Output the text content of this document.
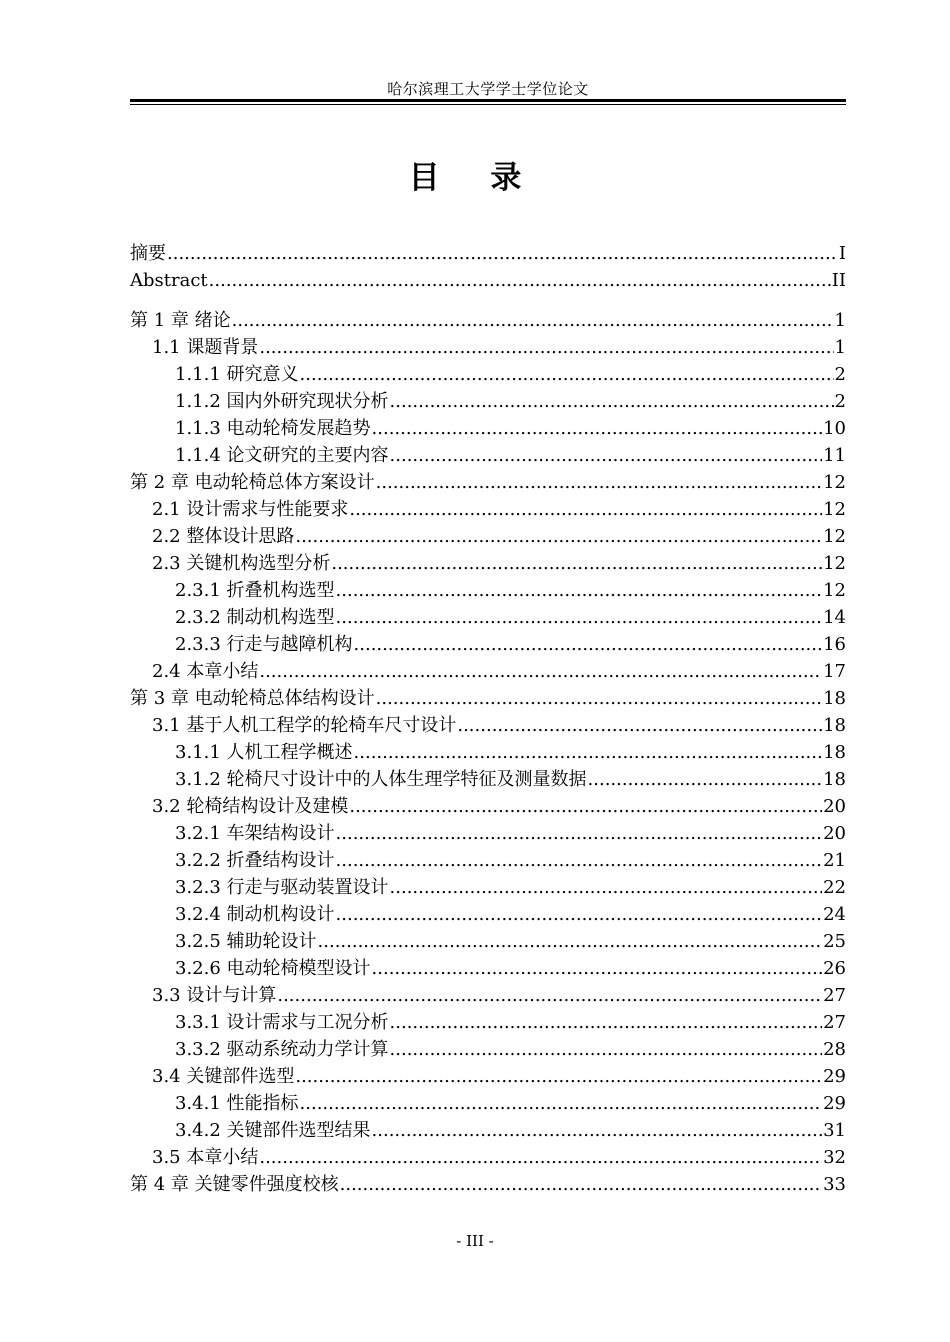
哈尔滨理工大学学士学位论文
目 录
摘要 .....	I
Abstract .....	II
第 1 章 绪论 .....	1
1.1 课题背景 .....	1
1.1.1 研究意义 .....	2
1.1.2 国内外研究现状分析 .....	2
1.1.3 电动轮椅发展趋势 .....	10
1.1.4 论文研究的主要内容 .....	11
第 2 章 电动轮椅总体方案设计 .....	12
2.1 设计需求与性能要求 .....	12
2.2 整体设计思路 .....	12
2.3 关键机构选型分析 .....	12
2.3.1 折叠机构选型 .....	12
2.3.2 制动机构选型 .....	14
2.3.3 行走与越障机构 .....	16
2.4 本章小结 .....	17
第 3 章 电动轮椅总体结构设计 .....	18
3.1 基于人机工程学的轮椅车尺寸设计 .....	18
3.1.1 人机工程学概述 .....	18
3.1.2 轮椅尺寸设计中的人体生理学特征及测量数据 .....	18
3.2 轮椅结构设计及建模 .....	20
3.2.1 车架结构设计 .....	20
3.2.2 折叠结构设计 .....	21
3.2.3 行走与驱动装置设计 .....	22
3.2.4 制动机构设计 .....	24
3.2.5 辅助轮设计 .....	25
3.2.6 电动轮椅模型设计 .....	26
3.3 设计与计算 .....	27
3.3.1 设计需求与工况分析 .....	27
3.3.2 驱动系统动力学计算 .....	28
3.4 关键部件选型 .....	29
3.4.1 性能指标 .....	29
3.4.2 关键部件选型结果 .....	31
3.5 本章小结 .....	32
第 4 章 关键零件强度校核 .....	33
- III -
